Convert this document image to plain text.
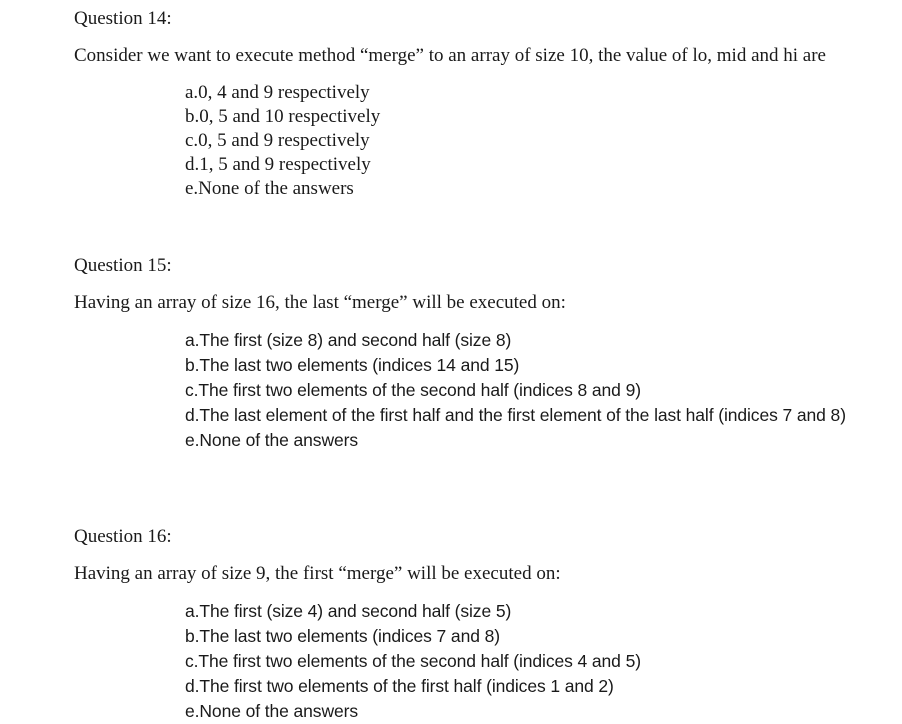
Question 14:

Consider we want to execute method “merge” to an array of size 10, the value of lo, mid and hi are

a.0, 4 and 9 respectively
b.0, 5 and 10 respectively
c.0, 5 and 9 respectively
d.1, 5 and 9 respectively
e.None of the answers
Question 15:

Having an array of size 16, the last “merge” will be executed on:

a.The first (size 8) and second half (size 8)
b.The last two elements (indices 14 and 15)
c.The first two elements of the second half (indices 8 and 9)
d.The last element of the first half and the first element of the last half (indices 7 and 8)
e.None of the answers
Question 16:

Having an array of size 9, the first “merge” will be executed on:

a.The first (size 4) and second half (size 5)
b.The last two elements (indices 7 and 8)
c.The first two elements of the second half (indices 4 and 5)
d.The first two elements of the first half (indices 1 and 2)
e.None of the answers
